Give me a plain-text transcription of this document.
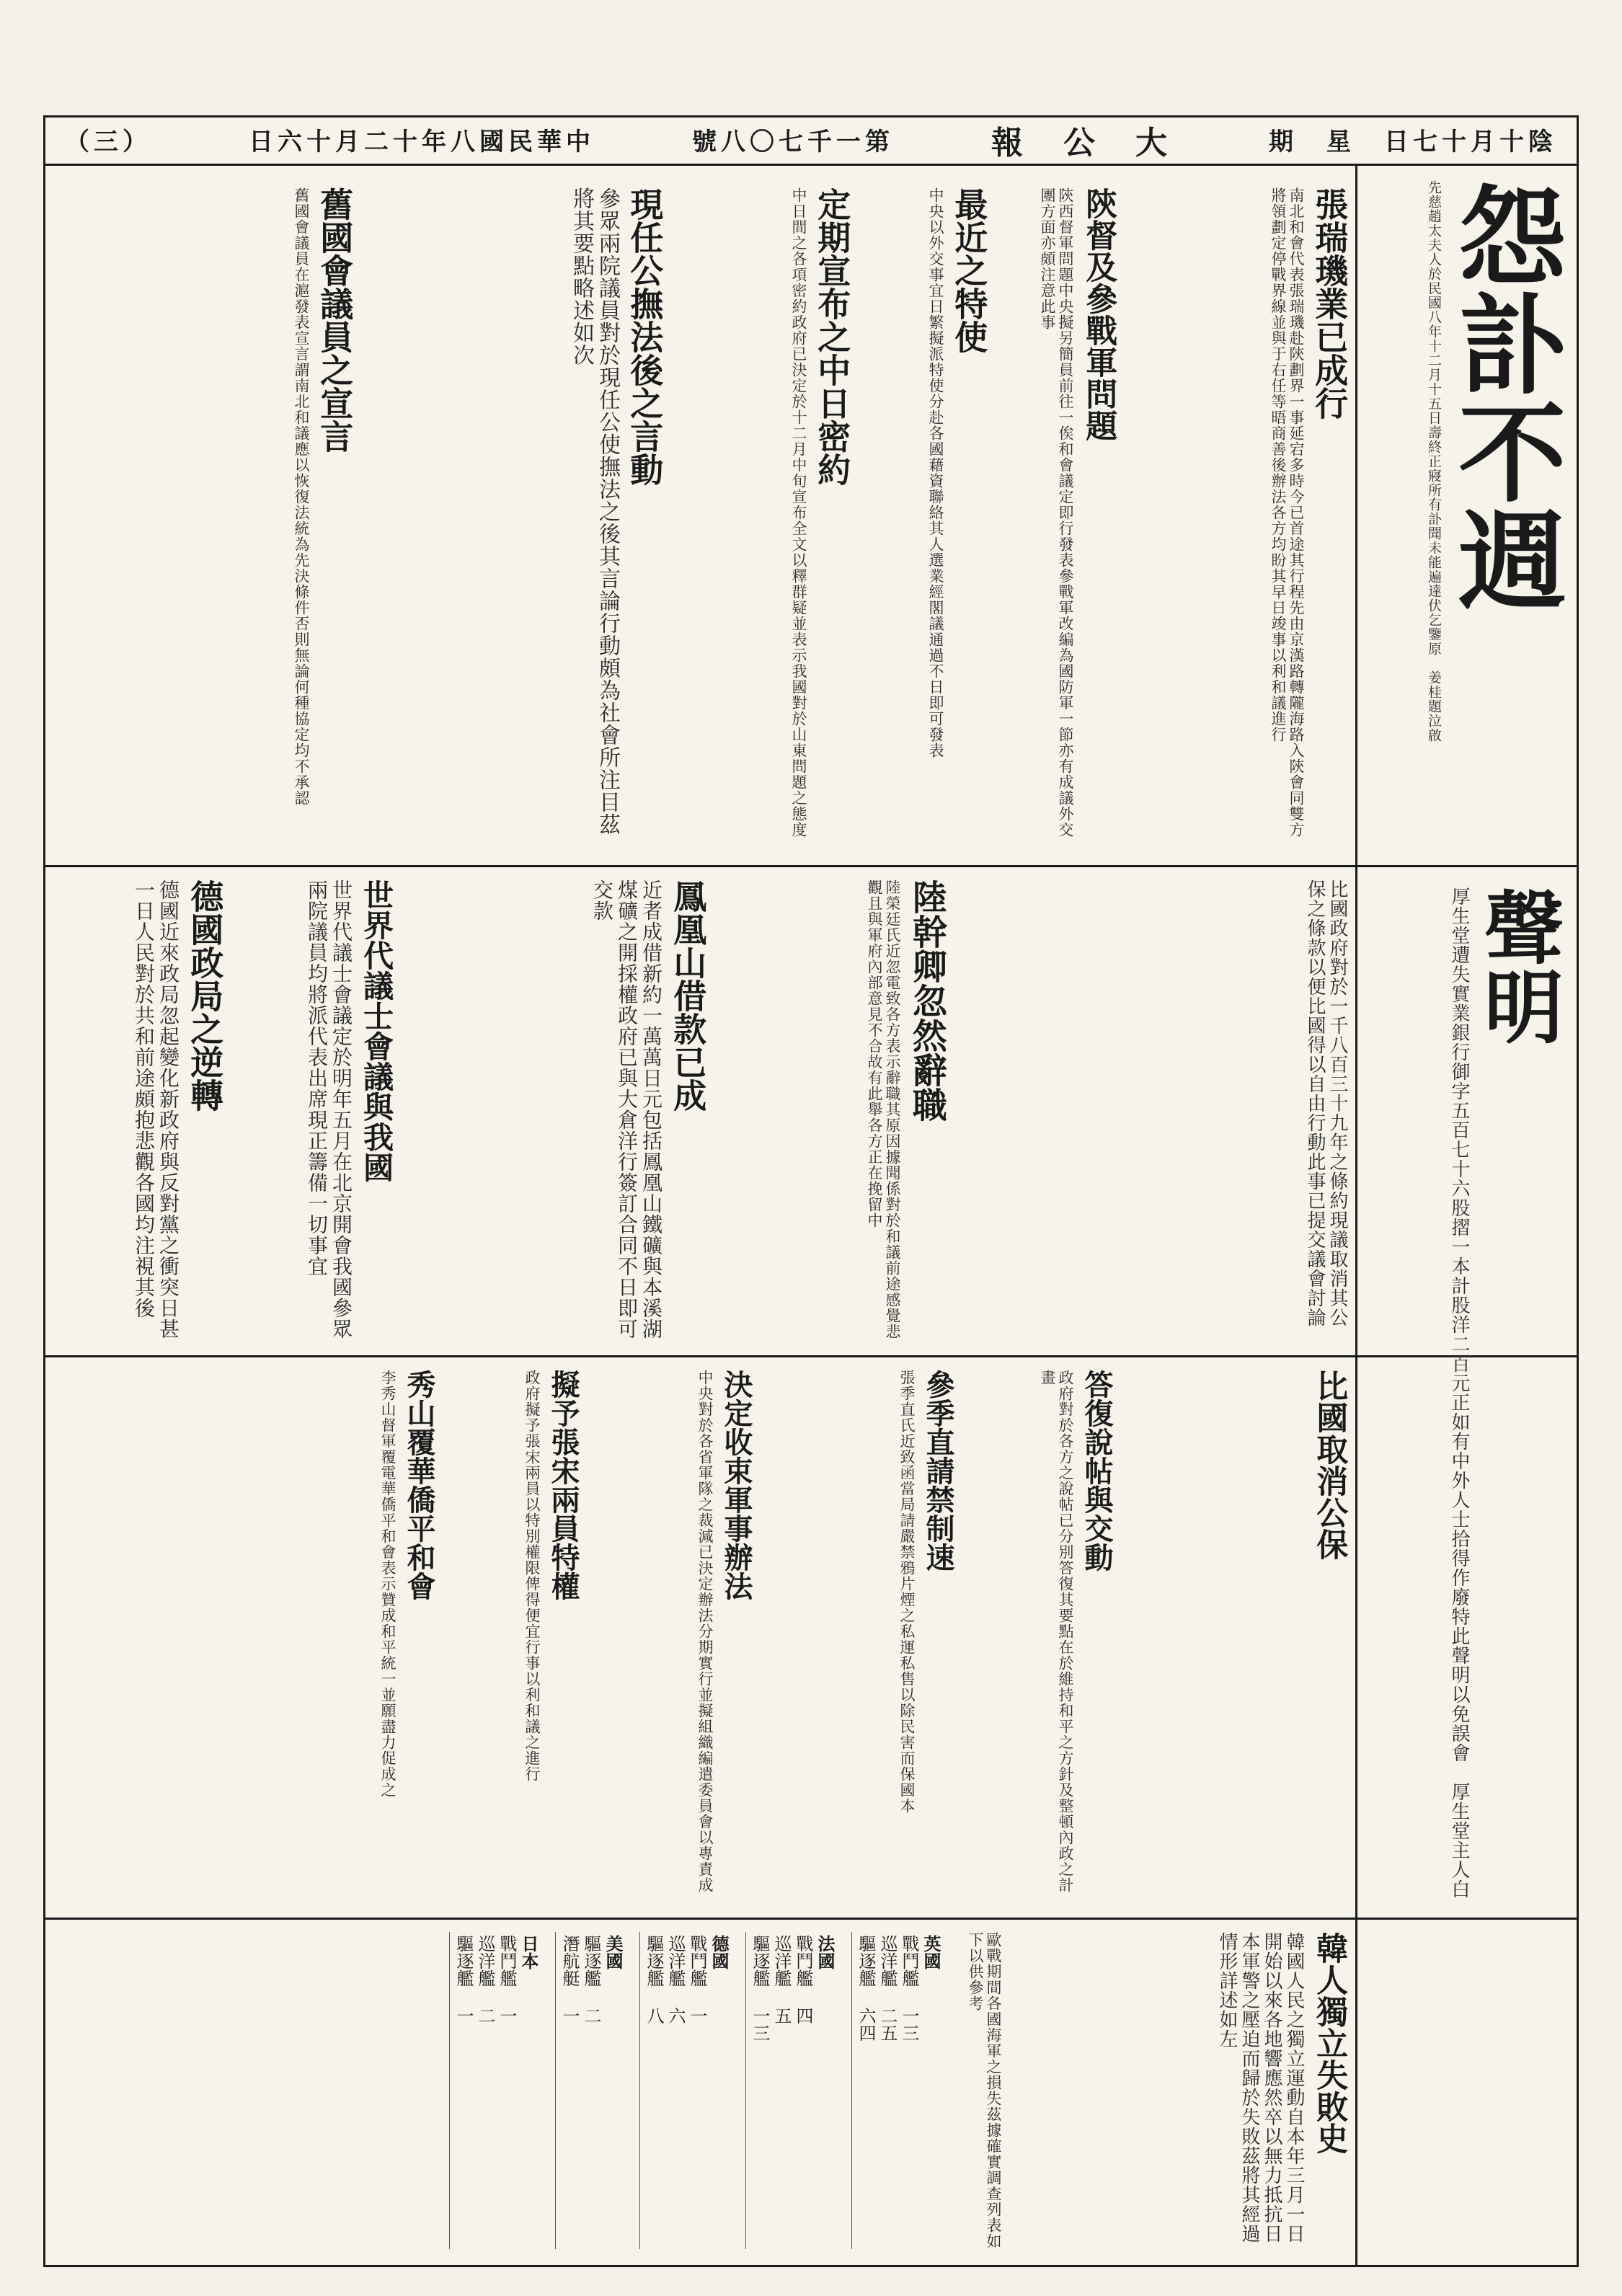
期　星　日七十月十陰
報　公　大
號八〇七千一第
日六十月二十年八國民華中
（三）
怨訃不週
先慈趙太夫人於民國八年十二月十五日壽終正寢所有訃聞未能遍達伏乞鑒原　姜桂題泣啟
聲明
厚生堂遭失實業銀行御字五百七十六股摺一本計股洋二百元正如有中外人士拾得作廢特此聲明以免誤會　厚生堂主人白
張瑞璣業已成行
南北和會代表張瑞璣赴陝劃界一事延宕多時今已首途其行程先由京漢路轉隴海路入陝會同雙方將領劃定停戰界線並與于右任等晤商善後辦法各方均盼其早日竣事以利和議進行
陝督及參戰軍問題
陝西督軍問題中央擬另簡員前往一俟和會議定即行發表參戰軍改編為國防軍一節亦有成議外交團方面亦頗注意此事
最近之特使
中央以外交事宜日繁擬派特使分赴各國藉資聯絡其人選業經閣議通過不日即可發表
定期宣布之中日密約
中日間之各項密約政府已決定於十二月中旬宣布全文以釋群疑並表示我國對於山東問題之態度
現任公撫法後之言動
參眾兩院議員對於現任公使撫法之後其言論行動頗為社會所注目茲將其要點略述如次
舊國會議員之宣言
舊國會議員在滬發表宣言謂南北和議應以恢復法統為先決條件否則無論何種協定均不承認
比國政府對於一千八百三十九年之條約現議取消其公保之條款以便比國得以自由行動此事已提交議會討論
陸幹卿忽然辭職
陸榮廷氏近忽電致各方表示辭職其原因據聞係對於和議前途感覺悲觀且與軍府內部意見不合故有此舉各方正在挽留中
鳳凰山借款已成
近者成借新約一萬萬日元包括鳳凰山鐵礦與本溪湖煤礦之開採權政府已與大倉洋行簽訂合同不日即可交款
世界代議士會議與我國
世界代議士會議定於明年五月在北京開會我國參眾兩院議員均將派代表出席現正籌備一切事宜
德國政局之逆轉
德國近來政局忽起變化新政府與反對黨之衝突日甚一日人民對於共和前途頗抱悲觀各國均注視其後
比國取消公保
答復說帖與交動
政府對於各方之說帖已分別答復其要點在於維持和平之方針及整頓內政之計畫
決定收束軍事辦法
中央對於各省軍隊之裁減已決定辦法分期實行並擬組織編遣委員會以專責成
擬予張宋兩員特權
政府擬予張宋兩員以特別權限俾得便宜行事以利和議之進行
秀山覆華僑平和會
李秀山督軍覆電華僑平和會表示贊成和平統一並願盡力促成之	參季直請禁制速
張季直氏近致函當局請嚴禁鴉片煙之私運私售以除民害而保國本
韓人獨立失敗史
韓國人民之獨立運動自本年三月一日開始以來各地響應然卒以無力抵抗日本軍警之壓迫而歸於失敗茲將其經過情形詳述如左
歐戰期間各國海軍之損失茲據確實調查列表如下以供參考
英國
戰鬥艦 一三
巡洋艦 二五
驅逐艦 六四
法國
戰鬥艦 四
巡洋艦 五
驅逐艦 一三
德國
戰鬥艦 一
巡洋艦 六
驅逐艦 八
美國
驅逐艦 二
潛航艇 一
日本
戰鬥艦 一
巡洋艦 二
驅逐艦 一
